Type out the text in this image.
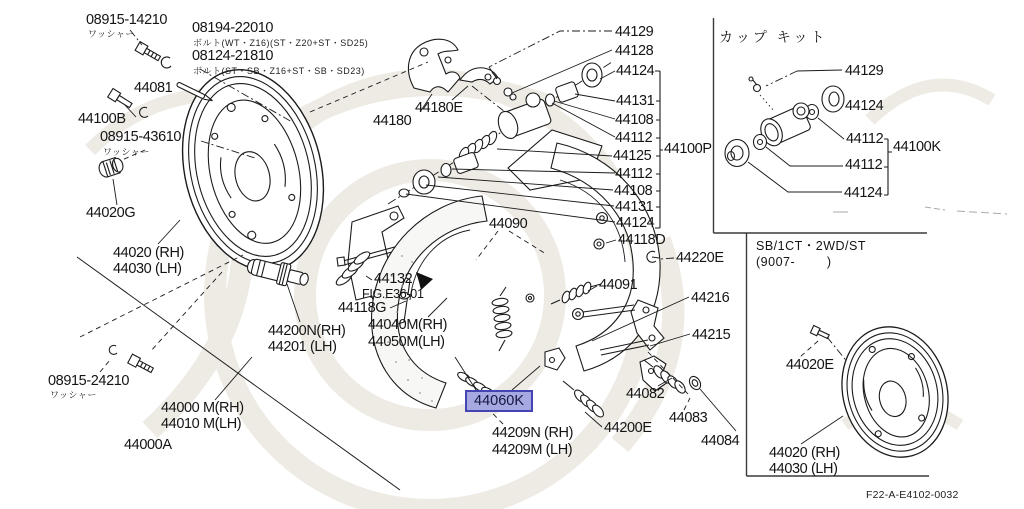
08915-14210
ワッシャー	08194-22010
ボルト(WT・Z16)(ST・Z20+ST・SD25)
08124-21810
ボルト(ST・SB・Z16+ST・SB・SD23)
44081
44100B
08915-43610
ワッシャー
44020G
44020 (RH)
44030 (LH)
08915-24210
ワッシャー
44000 M(RH)
44010 M(LH)
44000A
44200N(RH)
44201 (LH)
44180
44180E
44090
44132
FIG.E36-01
44118G
44040M(RH)
44050M(LH)
44060K
44209N (RH)
44209M (LH)
44200E
44082
44083
44084
44091
44118D
44220E
44216
44215
44129
44128
44124
44131
44108
44112
44125
44112
44108
44131
44124
44100P
カップ キット
44129
44124
44112 44100K
44112
44124
SB/1CT・2WD/ST
(9007-        )
44020E
44020 (RH)
44030 (LH)
F22-A-E4102-0032
